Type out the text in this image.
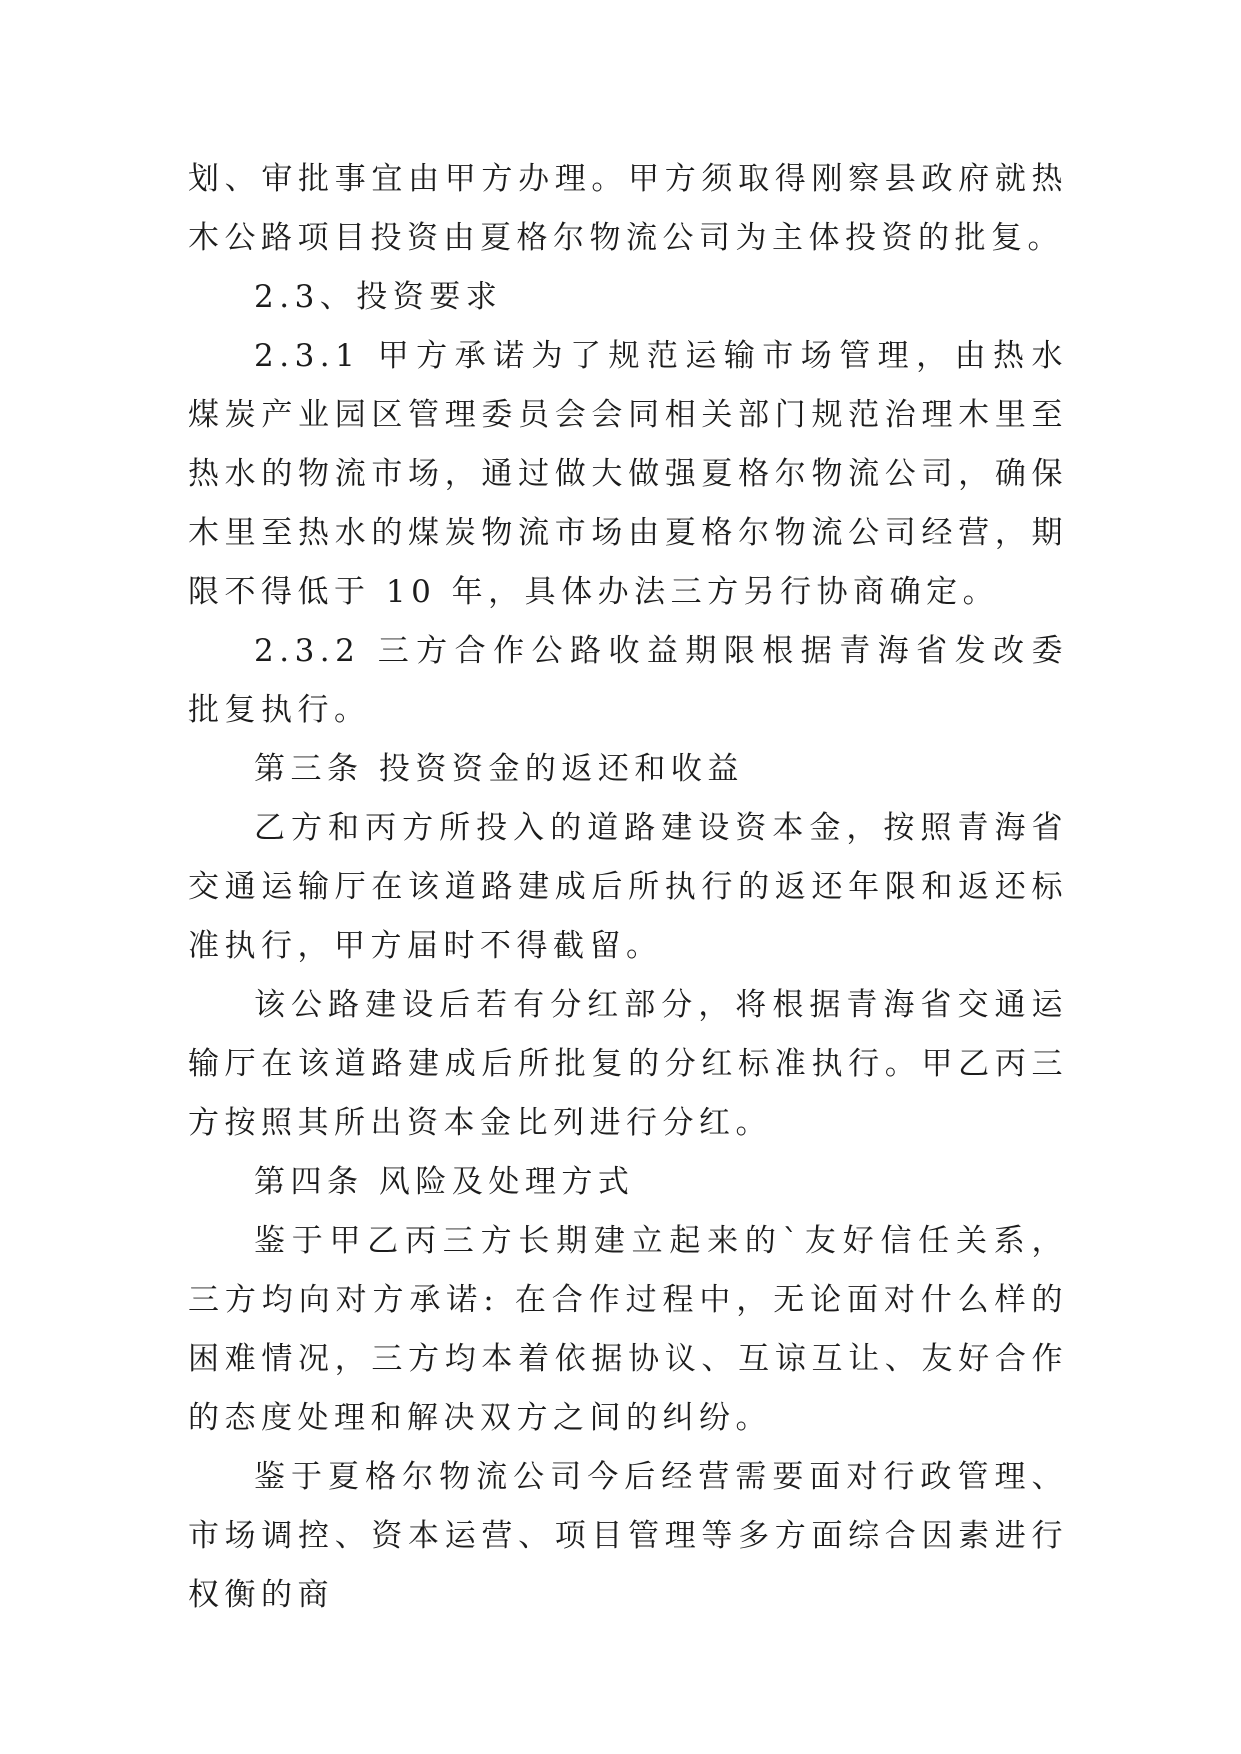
划、审批事宜由甲方办理。甲方须取得刚察县政府就热木公路项目投资由夏格尔物流公司为主体投资的批复。

2.3、投资要求

2.3.1 甲方承诺为了规范运输市场管理，由热水煤炭产业园区管理委员会会同相关部门规范治理木里至热水的物流市场，通过做大做强夏格尔物流公司，确保木里至热水的煤炭物流市场由夏格尔物流公司经营，期限不得低于 10 年，具体办法三方另行协商确定。

2.3.2 三方合作公路收益期限根据青海省发改委批复执行。

第三条 投资资金的返还和收益

乙方和丙方所投入的道路建设资本金，按照青海省交通运输厅在该道路建成后所执行的返还年限和返还标准执行，甲方届时不得截留。

该公路建设后若有分红部分，将根据青海省交通运输厅在该道路建成后所批复的分红标准执行。甲乙丙三方按照其所出资本金比列进行分红。

第四条 风险及处理方式

鉴于甲乙丙三方长期建立起来的`友好信任关系，三方均向对方承诺: 在合作过程中，无论面对什么样的困难情况，三方均本着依据协议、互谅互让、友好合作的态度处理和解决双方之间的纠纷。

鉴于夏格尔物流公司今后经营需要面对行政管理、市场调控、资本运营、项目管理等多方面综合因素进行权衡的商
